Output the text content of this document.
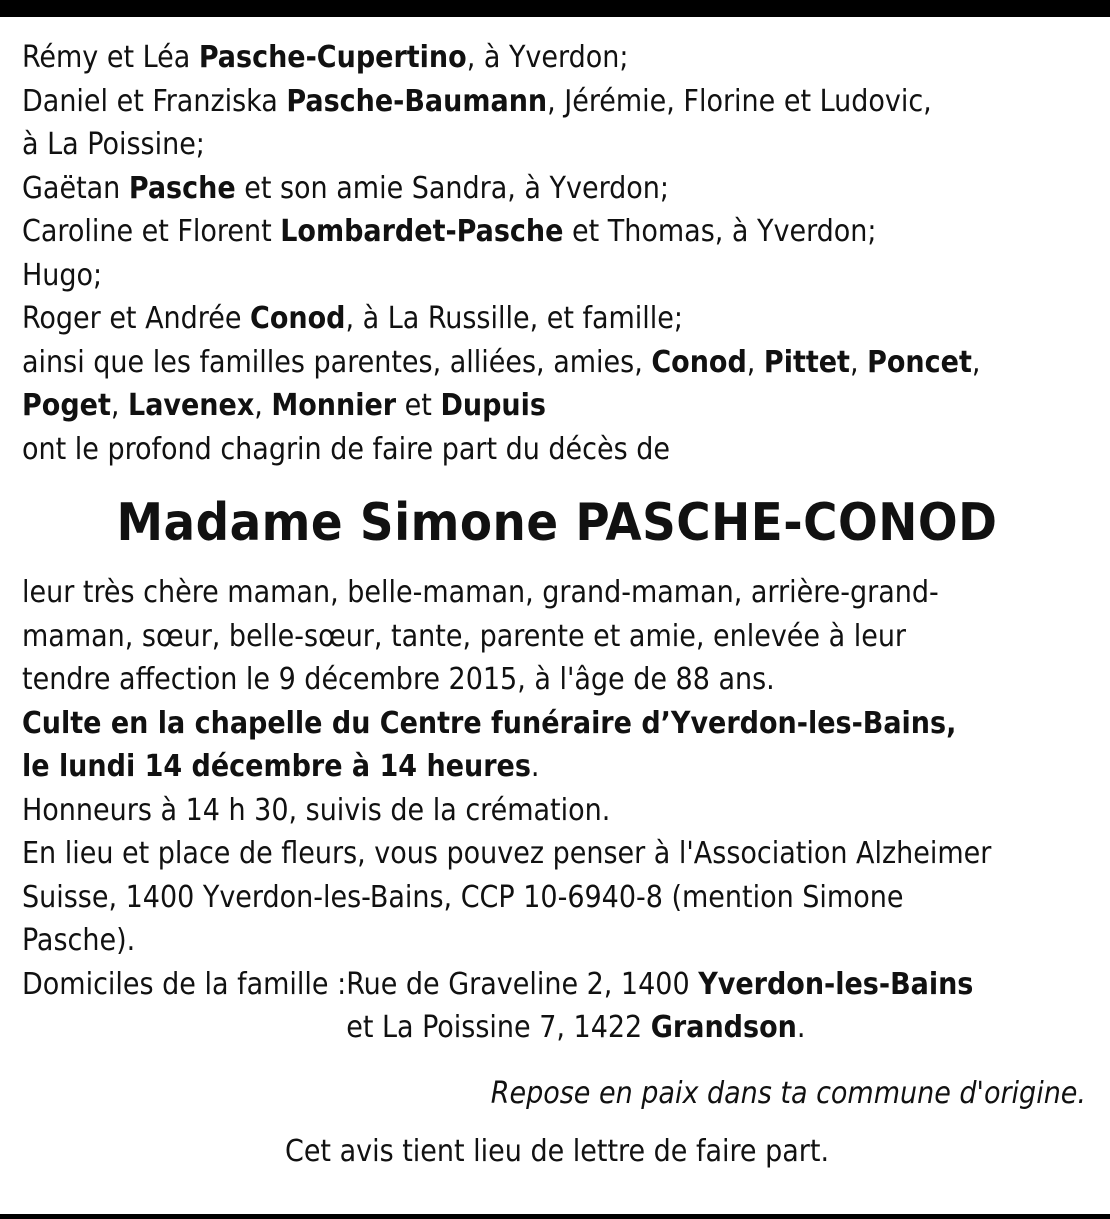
Rémy et Léa Pasche-Cupertino, à Yverdon;

Daniel et Franziska Pasche-Baumann, Jérémie, Florine et Ludovic,

à La Poissine;

Gaëtan Pasche et son amie Sandra, à Yverdon;

Caroline et Florent Lombardet-Pasche et Thomas, à Yverdon;

Hugo;

Roger et Andrée Conod, à La Russille, et famille;

ainsi que les familles parentes, alliées, amies, Conod, Pittet, Poncet,

Poget, Lavenex, Monnier et Dupuis

ont le profond chagrin de faire part du décès de

Madame Simone PASCHE-CONOD

leur très chère maman, belle-maman, grand-maman, arrière-grand-

maman, sœur, belle-sœur, tante, parente et amie, enlevée à leur

tendre affection le 9 décembre 2015, à l'âge de 88 ans.

Culte en la chapelle du Centre funéraire d’Yverdon-les-Bains,

le lundi 14 décembre à 14 heures.

Honneurs à 14 h 30, suivis de la crémation.

En lieu et place de fleurs, vous pouvez penser à l'Association Alzheimer

Suisse, 1400 Yverdon-les-Bains, CCP 10-6940-8 (mention Simone

Pasche).

Domiciles de la famille : Rue de Graveline 2, 1400 Yverdon-les-Bains
et La Poissine 7, 1422 Grandson.
Repose en paix dans ta commune d'origine.
Cet avis tient lieu de lettre de faire part.
